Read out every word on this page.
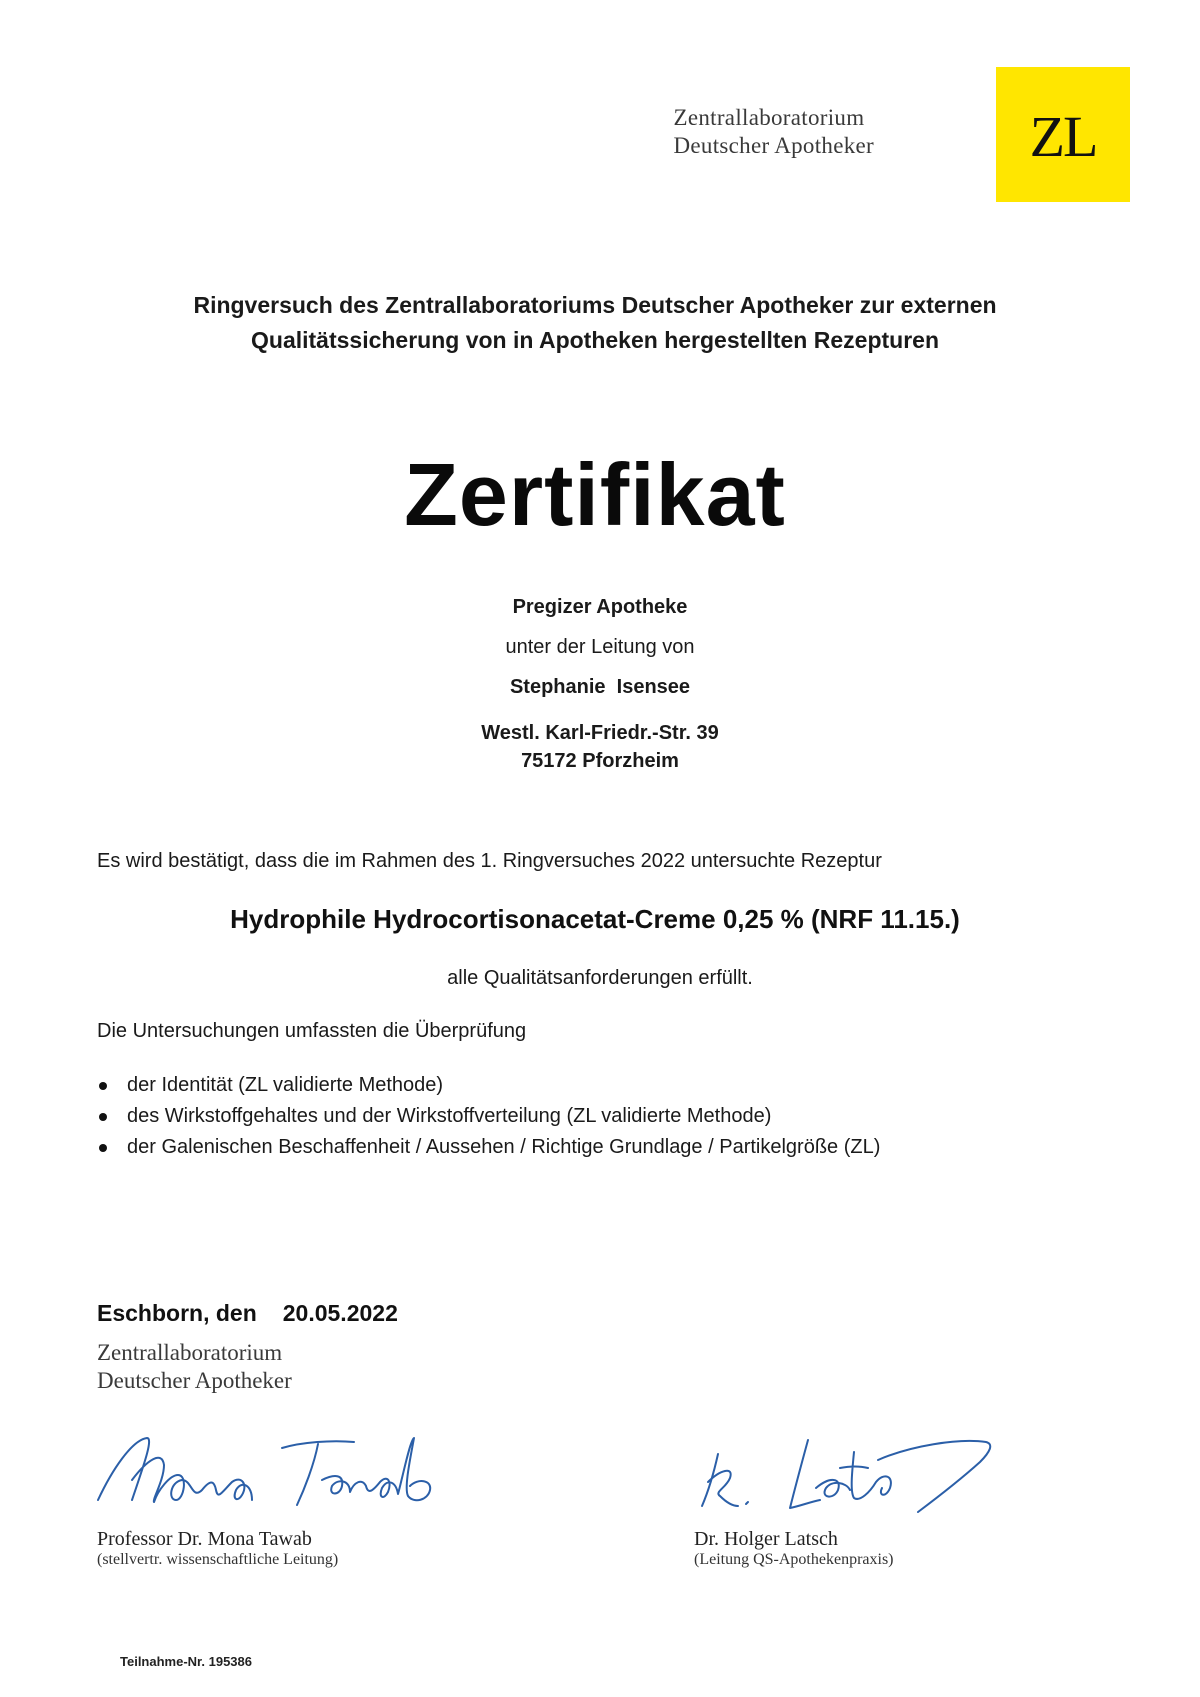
Zentrallaboratorium
Deutscher Apotheker	ZL
Ringversuch des Zentrallaboratoriums Deutscher Apotheker zur externen
Qualitätssicherung von in Apotheken hergestellten Rezepturen
Zertifikat
Pregizer Apotheke
unter der Leitung von
Stephanie  Isensee
Westl. Karl-Friedr.-Str. 39
75172 Pforzheim
Es wird bestätigt, dass die im Rahmen des 1. Ringversuches 2022 untersuchte Rezeptur
Hydrophile Hydrocortisonacetat-Creme 0,25 % (NRF 11.15.)
alle Qualitätsanforderungen erfüllt.
Die Untersuchungen umfassten die Überprüfung
der Identität (ZL validierte Methode)
des Wirkstoffgehaltes und der Wirkstoffverteilung (ZL validierte Methode)
der Galenischen Beschaffenheit / Aussehen / Richtige Grundlage / Partikelgröße (ZL)
Eschborn, den 20.05.2022
Zentrallaboratorium
Deutscher Apotheker
Professor Dr. Mona Tawab
(stellvertr. wissenschaftliche Leitung)
Dr. Holger Latsch
(Leitung QS-Apothekenpraxis)
Teilnahme-Nr. 195386
